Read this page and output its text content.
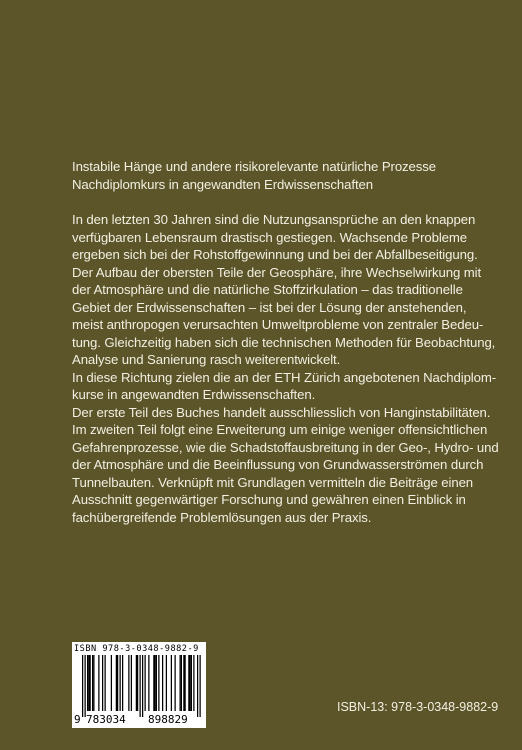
Instabile Hänge und andere risikorelevante natürliche Prozesse
Nachdiplomkurs in angewandten Erdwissenschaften
In den letzten 30 Jahren sind die Nutzungsansprüche an den knappen
verfügbaren Lebensraum drastisch gestiegen. Wachsende Probleme
ergeben sich bei der Rohstoffgewinnung und bei der Abfallbeseitigung.
Der Aufbau der obersten Teile der Geosphäre, ihre Wechselwirkung mit
der Atmosphäre und die natürliche Stoffzirkulation – das traditionelle
Gebiet der Erdwissenschaften – ist bei der Lösung der anstehenden,
meist anthropogen verursachten Umweltprobleme von zentraler Bedeu-
tung. Gleichzeitig haben sich die technischen Methoden für Beobachtung,
Analyse und Sanierung rasch weiterentwickelt.
In diese Richtung zielen die an der ETH Zürich angebotenen Nachdiplom-
kurse in angewandten Erdwissenschaften.
Der erste Teil des Buches handelt ausschliesslich von Hanginstabilitäten.
Im zweiten Teil folgt eine Erweiterung um einige weniger offensichtlichen
Gefahrenprozesse, wie die Schadstoffausbreitung in der Geo-, Hydro- und
der Atmosphäre und die Beeinflussung von Grundwasserströmen durch
Tunnelbauten. Verknüpft mit Grundlagen vermitteln die Beiträge einen
Ausschnitt gegenwärtiger Forschung und gewähren einen Einblick in
fachübergreifende Problemlösungen aus der Praxis.
ISBN 978-3-0348-9882-9
9 783034 898829
ISBN-13: 978-3-0348-9882-9
